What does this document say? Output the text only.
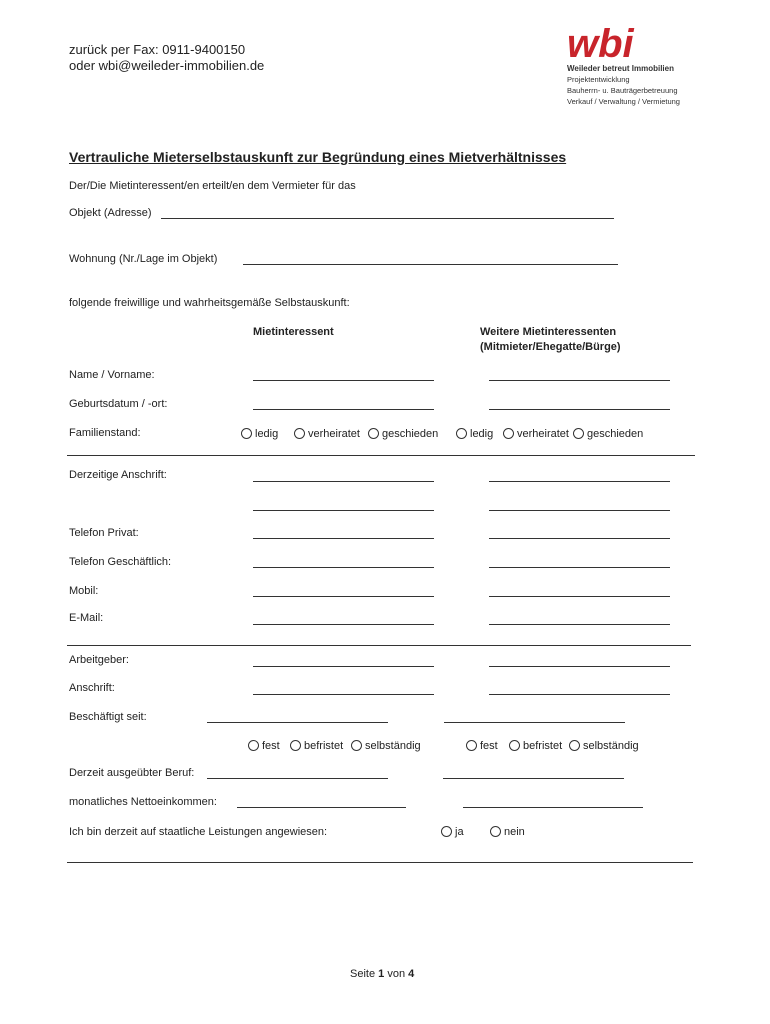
zurück per Fax: 0911-9400150
oder wbi@weileder-immobilien.de	wbi
Weileder betreut Immobilien
Projektentwicklung
Bauherrn- u. Bauträgerbetreuung
Verkauf / Verwaltung / Vermietung
Vertrauliche Mieterselbstauskunft zur Begründung eines Mietverhältnisses
Der/Die Mietinteressent/en erteilt/en dem Vermieter für das
Objekt (Adresse)
Wohnung (Nr./Lage im Objekt)
folgende freiwillige und wahrheitsgemäße Selbstauskunft:
Mietinteressent	Weitere Mietinteressenten
(Mitmieter/Ehegatte/Bürge)
Name / Vorname:
Geburtsdatum / -ort:
Familienstand:	ledig	verheiratet	geschieden	ledig	verheiratet	geschieden
Derzeitige Anschrift:
Telefon Privat:
Telefon Geschäftlich:
Mobil:
E-Mail:
Arbeitgeber:
Anschrift:
Beschäftigt seit:
fest	befristet	selbständig	fest	befristet	selbständig
Derzeit ausgeübter Beruf:
monatliches Nettoeinkommen:
Ich bin derzeit auf staatliche Leistungen angewiesen:	ja	nein
Seite 1 von 4
